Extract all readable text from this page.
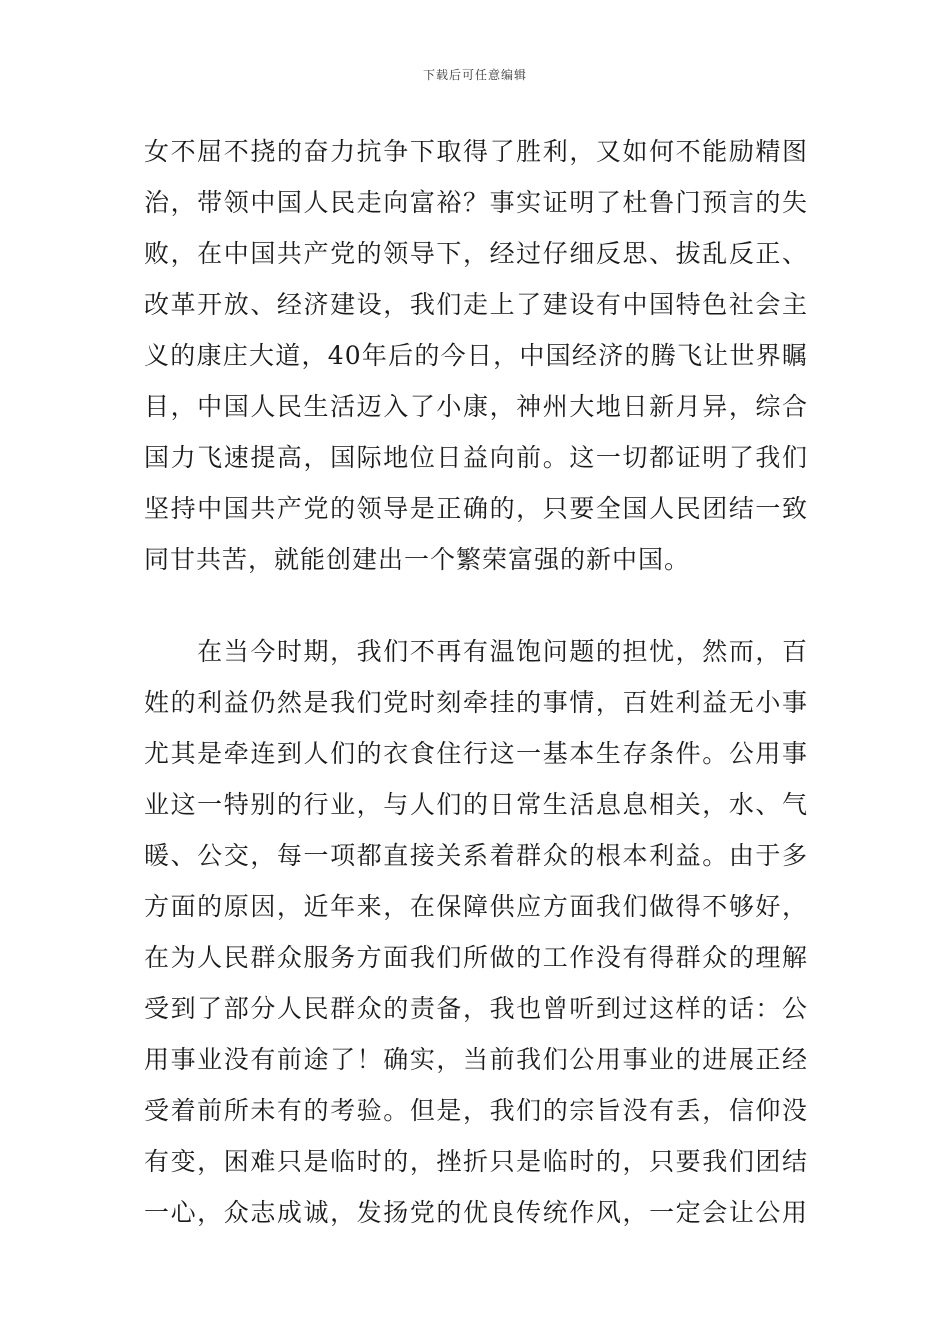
下载后可任意编辑
女不屈不挠的奋力抗争下取得了胜利，又如何不能励精图
治，带领中国人民走向富裕？事实证明了杜鲁门预言的失
败，在中国共产党的领导下，经过仔细反思、拔乱反正、
改革开放、经济建设，我们走上了建设有中国特色社会主
义的康庄大道，40年后的今日，中国经济的腾飞让世界瞩
目，中国人民生活迈入了小康，神州大地日新月异，综合
国力飞速提高，国际地位日益向前。这一切都证明了我们
坚持中国共产党的领导是正确的，只要全国人民团结一致
同甘共苦，就能创建出一个繁荣富强的新中国。
　　在当今时期，我们不再有温饱问题的担忧，然而，百
姓的利益仍然是我们党时刻牵挂的事情，百姓利益无小事
尤其是牵连到人们的衣食住行这一基本生存条件。公用事
业这一特别的行业，与人们的日常生活息息相关，水、气
暖、公交，每一项都直接关系着群众的根本利益。由于多
方面的原因，近年来，在保障供应方面我们做得不够好，
在为人民群众服务方面我们所做的工作没有得群众的理解
受到了部分人民群众的责备，我也曾听到过这样的话：公
用事业没有前途了！确实，当前我们公用事业的进展正经
受着前所未有的考验。但是，我们的宗旨没有丢，信仰没
有变，困难只是临时的，挫折只是临时的，只要我们团结
一心，众志成诚，发扬党的优良传统作风，一定会让公用
